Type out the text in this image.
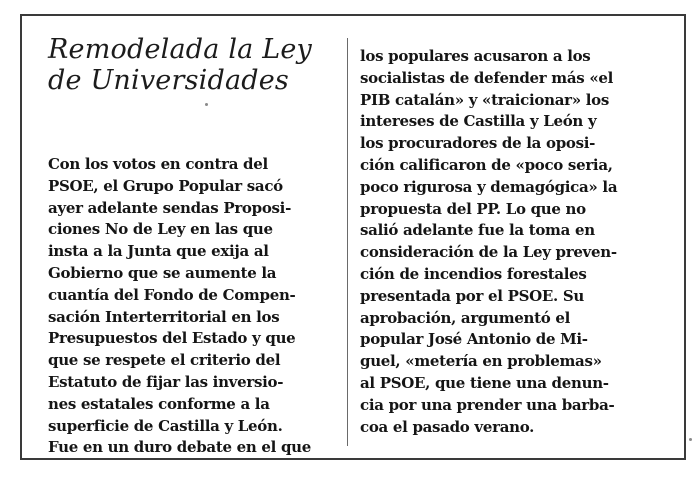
Remodelada la Ley
de Universidades
Con los votos en contra del
PSOE, el Grupo Popular sacó
ayer adelante sendas Proposi-
ciones No de Ley en las que
insta a la Junta que exija al
Gobierno que se aumente la
cuantía del Fondo de Compen-
sación Interterritorial en los
Presupuestos del Estado y que
que se respete el criterio del
Estatuto de fijar las inversio-
nes estatales conforme a la
superficie de Castilla y León.
Fue en un duro debate en el que
los populares acusaron a los
socialistas de defender más «el
PIB catalán» y «traicionar» los
intereses de Castilla y León y
los procuradores de la oposi-
ción calificaron de «poco seria,
poco rigurosa y demagógica» la
propuesta del PP. Lo que no
salió adelante fue la toma en
consideración de la Ley preven-
ción de incendios forestales
presentada por el PSOE. Su
aprobación, argumentó el
popular José Antonio de Mi-
guel, «metería en problemas»
al PSOE, que tiene una denun-
cia por una prender una barba-
coa el pasado verano.
